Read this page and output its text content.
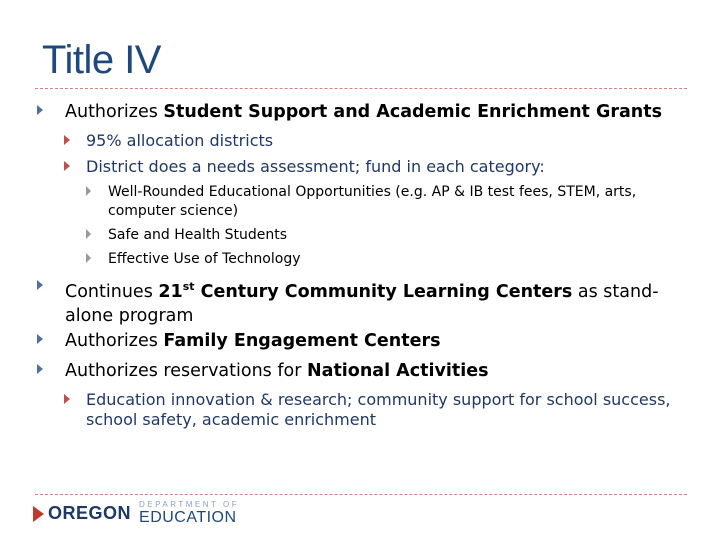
Title IV
Authorizes Student Support and Academic Enrichment Grants
95% allocation districts
District does a needs assessment; fund in each category:
Well-Rounded Educational Opportunities (e.g. AP & IB test fees, STEM, arts, computer science)
Safe and Health Students
Effective Use of Technology
Continues 21st Century Community Learning Centers as stand-alone program
Authorizes Family Engagement Centers
Authorizes reservations for National Activities
Education innovation & research; community support for school success, school safety, academic enrichment
OREGON DEPARTMENT OF
EDUCATION
